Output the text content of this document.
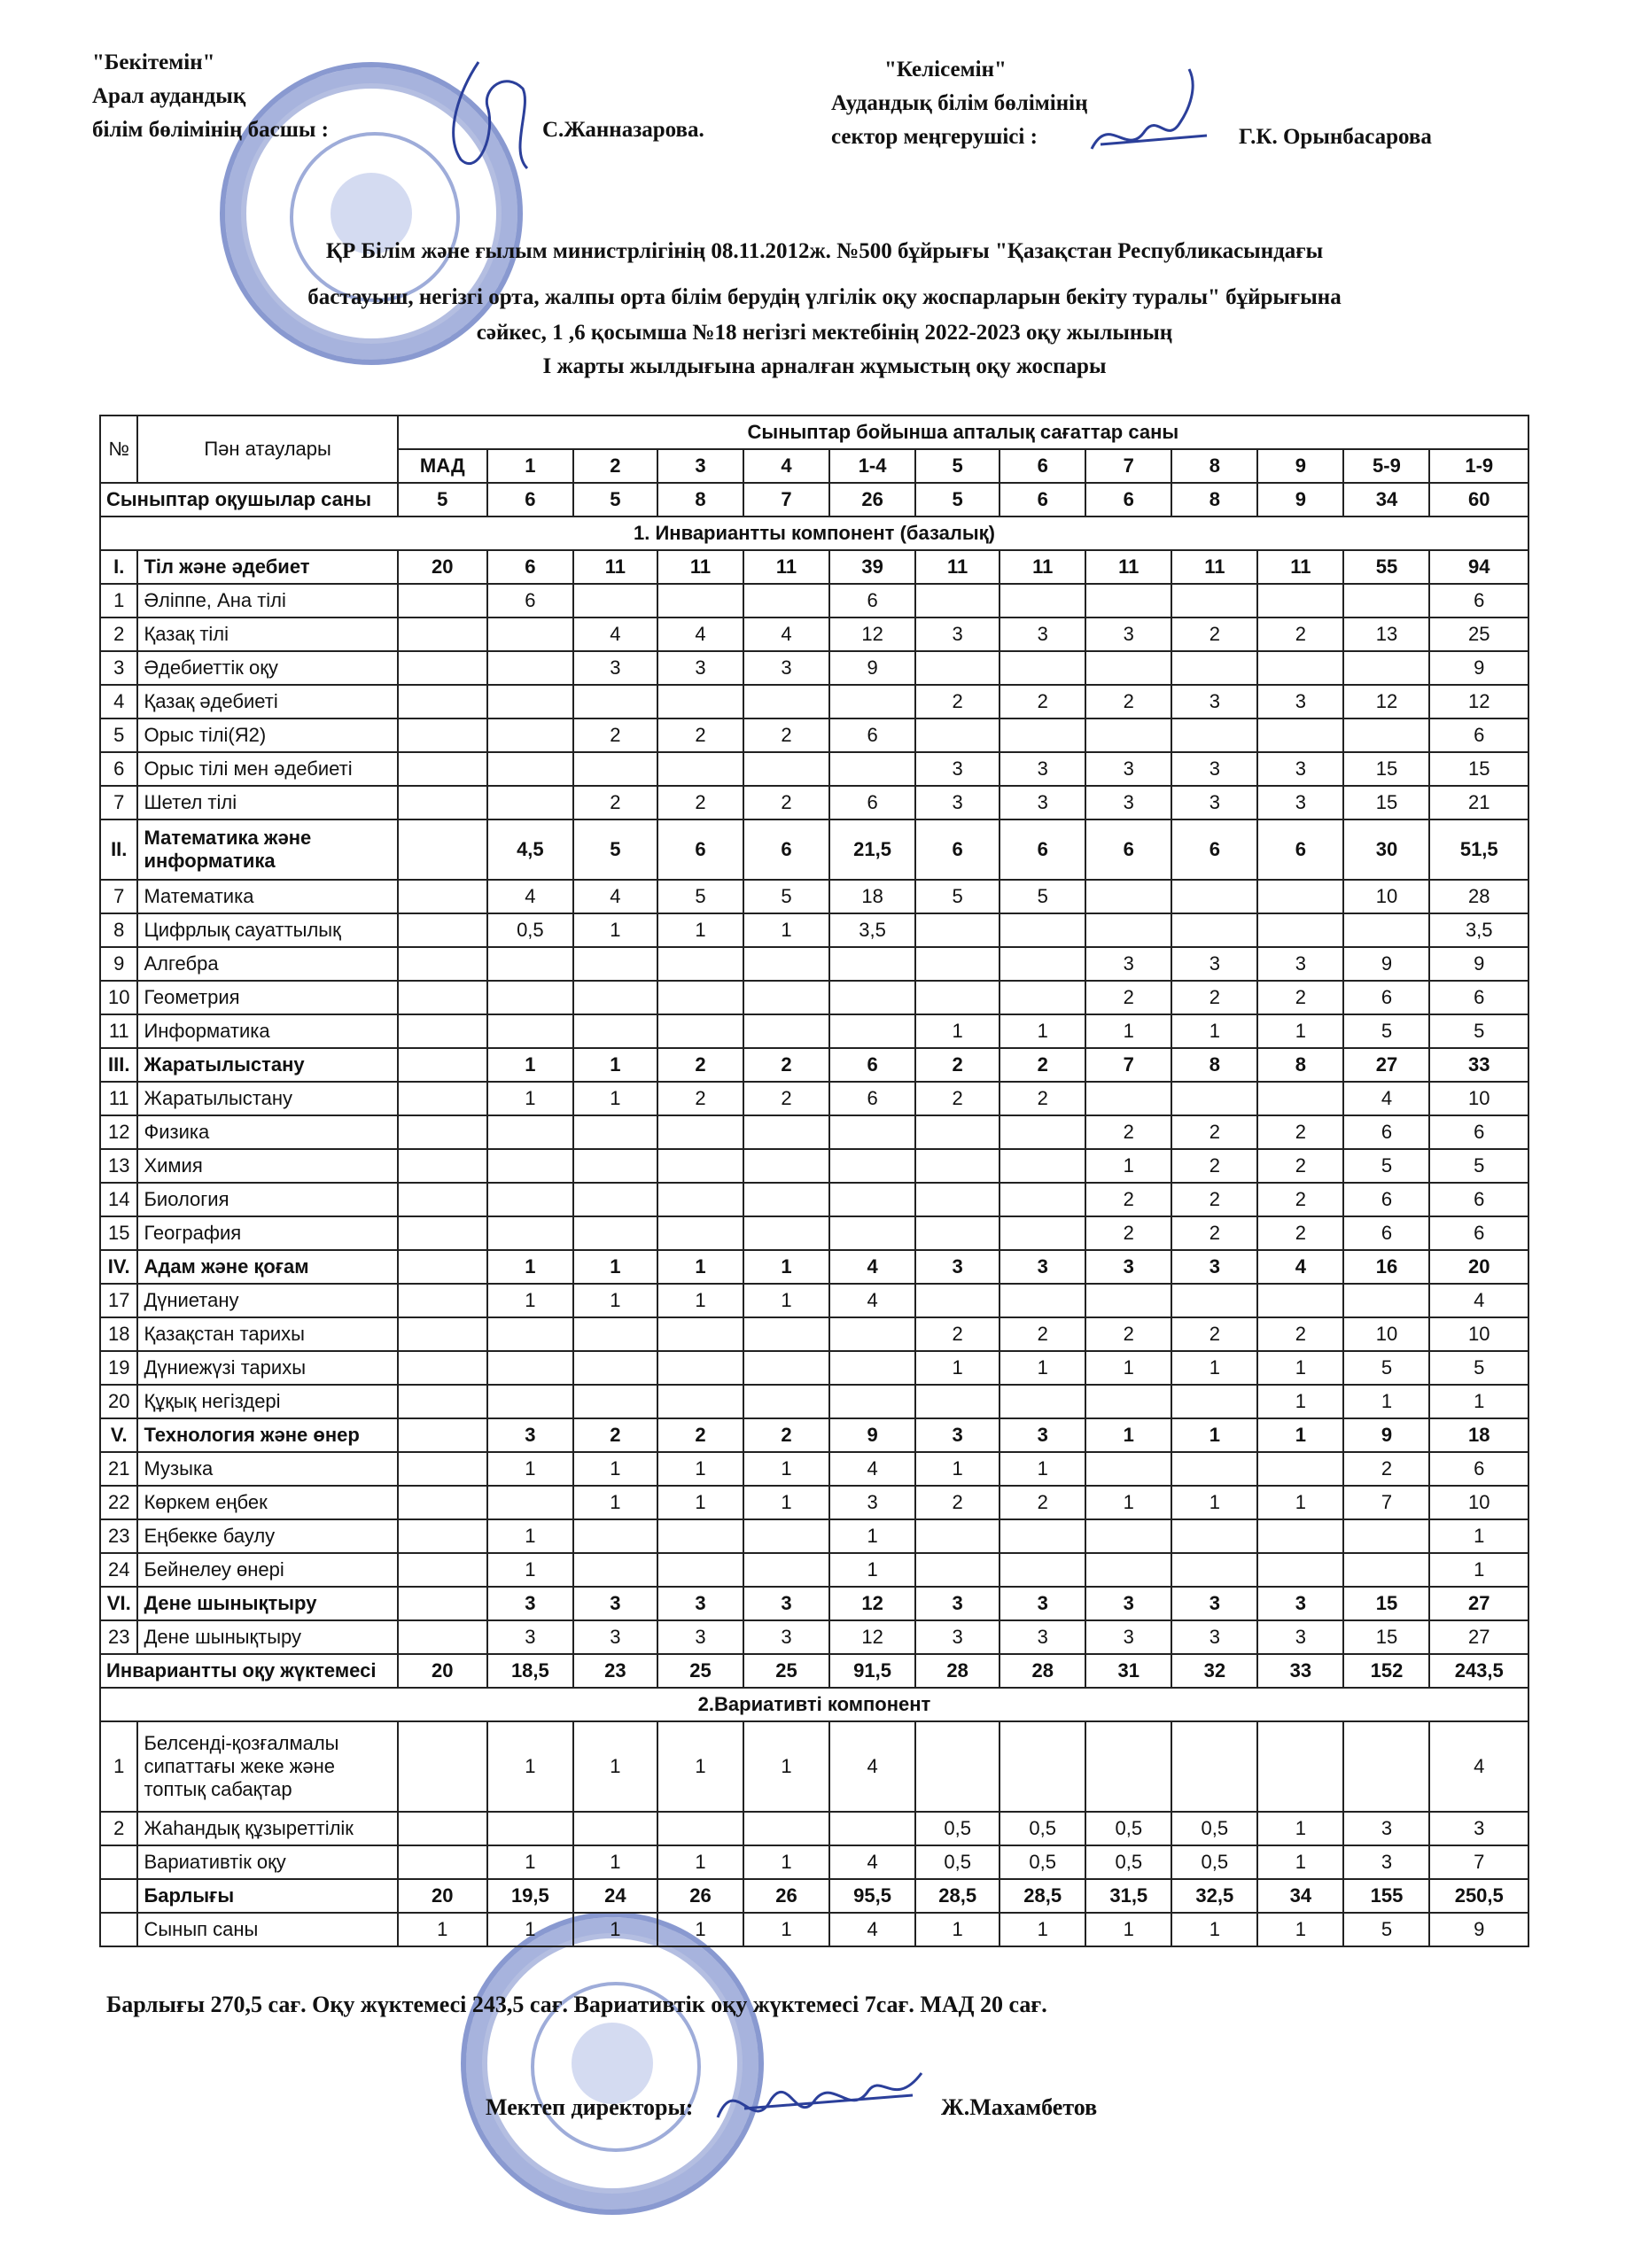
"Бекітемін"
Арал аудандық
білім бөлімінің басшы :	С.Жанназарова.
"Келісемін"
Аудандық білім бөлімінің
сектор меңгерушісі :	Г.К. Орынбасарова
ҚР Білім және ғылым министрлігінің 08.11.2012ж. №500 бұйрығы "Қазақстан Республикасындағы
бастауыш, негізгі орта, жалпы орта білім берудің үлгілік оқу жоспарларын бекіту туралы" бұйрығына
сәйкес, 1 ,6 қосымша №18 негізгі мектебінің 2022-2023 оқу жылының
І жарты жылдығына арналған жұмыстың оқу жоспары
№	Пән атаулары	Сыныптар бойынша апталық сағаттар саны												
		МАД	1	2	3	4	1-4	5	6	7	8	9	5-9	1-9
Сыныптар оқушылар саны		5	6	5	8	7	26	5	6	6	8	9	34	60
1. Инвариантты компонент (базалық)														
I.	Тіл және әдебиет	20	6	11	11	11	39	11	11	11	11	11	55	94
1	Әліппе, Ана тілі		6				6							6
2	Қазақ тілі			4	4	4	12	3	3	3	2	2	13	25
3	Әдебиеттік оқу			3	3	3	9							9
4	Қазақ әдебиеті							2	2	2	3	3	12	12
5	Орыс тілі(Я2)			2	2	2	6							6
6	Орыс тілі мен әдебиеті							3	3	3	3	3	15	15
7	Шетел тілі			2	2	2	6	3	3	3	3	3	15	21
II.	Математика және информатика		4,5	5	6	6	21,5	6	6	6	6	6	30	51,5
7	Математика		4	4	5	5	18	5	5				10	28
8	Цифрлық сауаттылық		0,5	1	1	1	3,5							3,5
9	Алгебра									3	3	3	9	9
10	Геометрия									2	2	2	6	6
11	Информатика							1	1	1	1	1	5	5
III.	Жаратылыстану		1	1	2	2	6	2	2	7	8	8	27	33
11	Жаратылыстану		1	1	2	2	6	2	2				4	10
12	Физика									2	2	2	6	6
13	Химия									1	2	2	5	5
14	Биология									2	2	2	6	6
15	География									2	2	2	6	6
IV.	Адам және қоғам		1	1	1	1	4	3	3	3	3	4	16	20
17	Дүниетану		1	1	1	1	4							4
18	Қазақстан тарихы							2	2	2	2	2	10	10
19	Дүниежүзі тарихы							1	1	1	1	1	5	5
20	Құқық негіздері											1	1	1
V.	Технология және өнер		3	2	2	2	9	3	3	1	1	1	9	18
21	Музыка		1	1	1	1	4	1	1				2	6
22	Көркем еңбек			1	1	1	3	2	2	1	1	1	7	10
23	Еңбекке баулу		1				1							1
24	Бейнелеу өнері		1				1							1
VI.	Дене шынықтыру		3	3	3	3	12	3	3	3	3	3	15	27
23	Дене шынықтыру		3	3	3	3	12	3	3	3	3	3	15	27
Инвариантты оқу жүктемесі		20	18,5	23	25	25	91,5	28	28	31	32	33	152	243,5
2.Вариативті компонент														
1	Белсенді-қозғалмалы сипаттағы жеке және топтық сабақтар		1	1	1	1	4							4
2	Жаһандық құзыреттілік							0,5	0,5	0,5	0,5	1	3	3
	Вариативтік оқу		1	1	1	1	4	0,5	0,5	0,5	0,5	1	3	7
	Барлығы	20	19,5	24	26	26	95,5	28,5	28,5	31,5	32,5	34	155	250,5
	Сынып саны	1	1	1	1	1	4	1	1	1	1	1	5	9
Барлығы 270,5 сағ. Оқу жүктемесі 243,5 сағ. Вариативтік оқу жүктемесі 7сағ. МАД 20 сағ.
Мектеп директоры:	Ж.Махамбетов
